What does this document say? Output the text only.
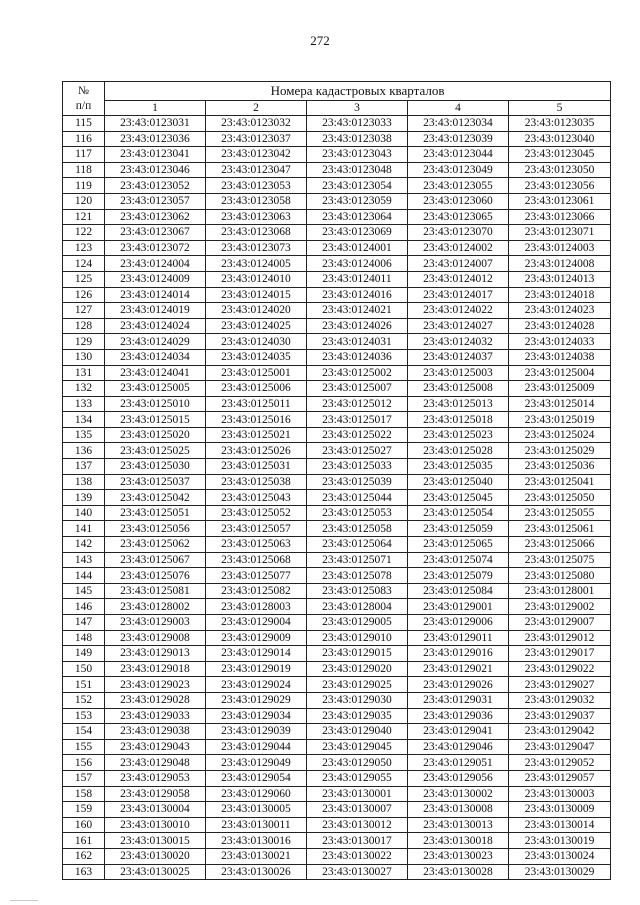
272
№
п/п	Номера кадастровых кварталов				
	1	2	3	4	5
115	23:43:0123031	23:43:0123032	23:43:0123033	23:43:0123034	23:43:0123035
116	23:43:0123036	23:43:0123037	23:43:0123038	23:43:0123039	23:43:0123040
117	23:43:0123041	23:43:0123042	23:43:0123043	23:43:0123044	23:43:0123045
118	23:43:0123046	23:43:0123047	23:43:0123048	23:43:0123049	23:43:0123050
119	23:43:0123052	23:43:0123053	23:43:0123054	23:43:0123055	23:43:0123056
120	23:43:0123057	23:43:0123058	23:43:0123059	23:43:0123060	23:43:0123061
121	23:43:0123062	23:43:0123063	23:43:0123064	23:43:0123065	23:43:0123066
122	23:43:0123067	23:43:0123068	23:43:0123069	23:43:0123070	23:43:0123071
123	23:43:0123072	23:43:0123073	23:43:0124001	23:43:0124002	23:43:0124003
124	23:43:0124004	23:43:0124005	23:43:0124006	23:43:0124007	23:43:0124008
125	23:43:0124009	23:43:0124010	23:43:0124011	23:43:0124012	23:43:0124013
126	23:43:0124014	23:43:0124015	23:43:0124016	23:43:0124017	23:43:0124018
127	23:43:0124019	23:43:0124020	23:43:0124021	23:43:0124022	23:43:0124023
128	23:43:0124024	23:43:0124025	23:43:0124026	23:43:0124027	23:43:0124028
129	23:43:0124029	23:43:0124030	23:43:0124031	23:43:0124032	23:43:0124033
130	23:43:0124034	23:43:0124035	23:43:0124036	23:43:0124037	23:43:0124038
131	23:43:0124041	23:43:0125001	23:43:0125002	23:43:0125003	23:43:0125004
132	23:43:0125005	23:43:0125006	23:43:0125007	23:43:0125008	23:43:0125009
133	23:43:0125010	23:43:0125011	23:43:0125012	23:43:0125013	23:43:0125014
134	23:43:0125015	23:43:0125016	23:43:0125017	23:43:0125018	23:43:0125019
135	23:43:0125020	23:43:0125021	23:43:0125022	23:43:0125023	23:43:0125024
136	23:43:0125025	23:43:0125026	23:43:0125027	23:43:0125028	23:43:0125029
137	23:43:0125030	23:43:0125031	23:43:0125033	23:43:0125035	23:43:0125036
138	23:43:0125037	23:43:0125038	23:43:0125039	23:43:0125040	23:43:0125041
139	23:43:0125042	23:43:0125043	23:43:0125044	23:43:0125045	23:43:0125050
140	23:43:0125051	23:43:0125052	23:43:0125053	23:43:0125054	23:43:0125055
141	23:43:0125056	23:43:0125057	23:43:0125058	23:43:0125059	23:43:0125061
142	23:43:0125062	23:43:0125063	23:43:0125064	23:43:0125065	23:43:0125066
143	23:43:0125067	23:43:0125068	23:43:0125071	23:43:0125074	23:43:0125075
144	23:43:0125076	23:43:0125077	23:43:0125078	23:43:0125079	23:43:0125080
145	23:43:0125081	23:43:0125082	23:43:0125083	23:43:0125084	23:43:0128001
146	23:43:0128002	23:43:0128003	23:43:0128004	23:43:0129001	23:43:0129002
147	23:43:0129003	23:43:0129004	23:43:0129005	23:43:0129006	23:43:0129007
148	23:43:0129008	23:43:0129009	23:43:0129010	23:43:0129011	23:43:0129012
149	23:43:0129013	23:43:0129014	23:43:0129015	23:43:0129016	23:43:0129017
150	23:43:0129018	23:43:0129019	23:43:0129020	23:43:0129021	23:43:0129022
151	23:43:0129023	23:43:0129024	23:43:0129025	23:43:0129026	23:43:0129027
152	23:43:0129028	23:43:0129029	23:43:0129030	23:43:0129031	23:43:0129032
153	23:43:0129033	23:43:0129034	23:43:0129035	23:43:0129036	23:43:0129037
154	23:43:0129038	23:43:0129039	23:43:0129040	23:43:0129041	23:43:0129042
155	23:43:0129043	23:43:0129044	23:43:0129045	23:43:0129046	23:43:0129047
156	23:43:0129048	23:43:0129049	23:43:0129050	23:43:0129051	23:43:0129052
157	23:43:0129053	23:43:0129054	23:43:0129055	23:43:0129056	23:43:0129057
158	23:43:0129058	23:43:0129060	23:43:0130001	23:43:0130002	23:43:0130003
159	23:43:0130004	23:43:0130005	23:43:0130007	23:43:0130008	23:43:0130009
160	23:43:0130010	23:43:0130011	23:43:0130012	23:43:0130013	23:43:0130014
161	23:43:0130015	23:43:0130016	23:43:0130017	23:43:0130018	23:43:0130019
162	23:43:0130020	23:43:0130021	23:43:0130022	23:43:0130023	23:43:0130024
163	23:43:0130025	23:43:0130026	23:43:0130027	23:43:0130028	23:43:0130029
